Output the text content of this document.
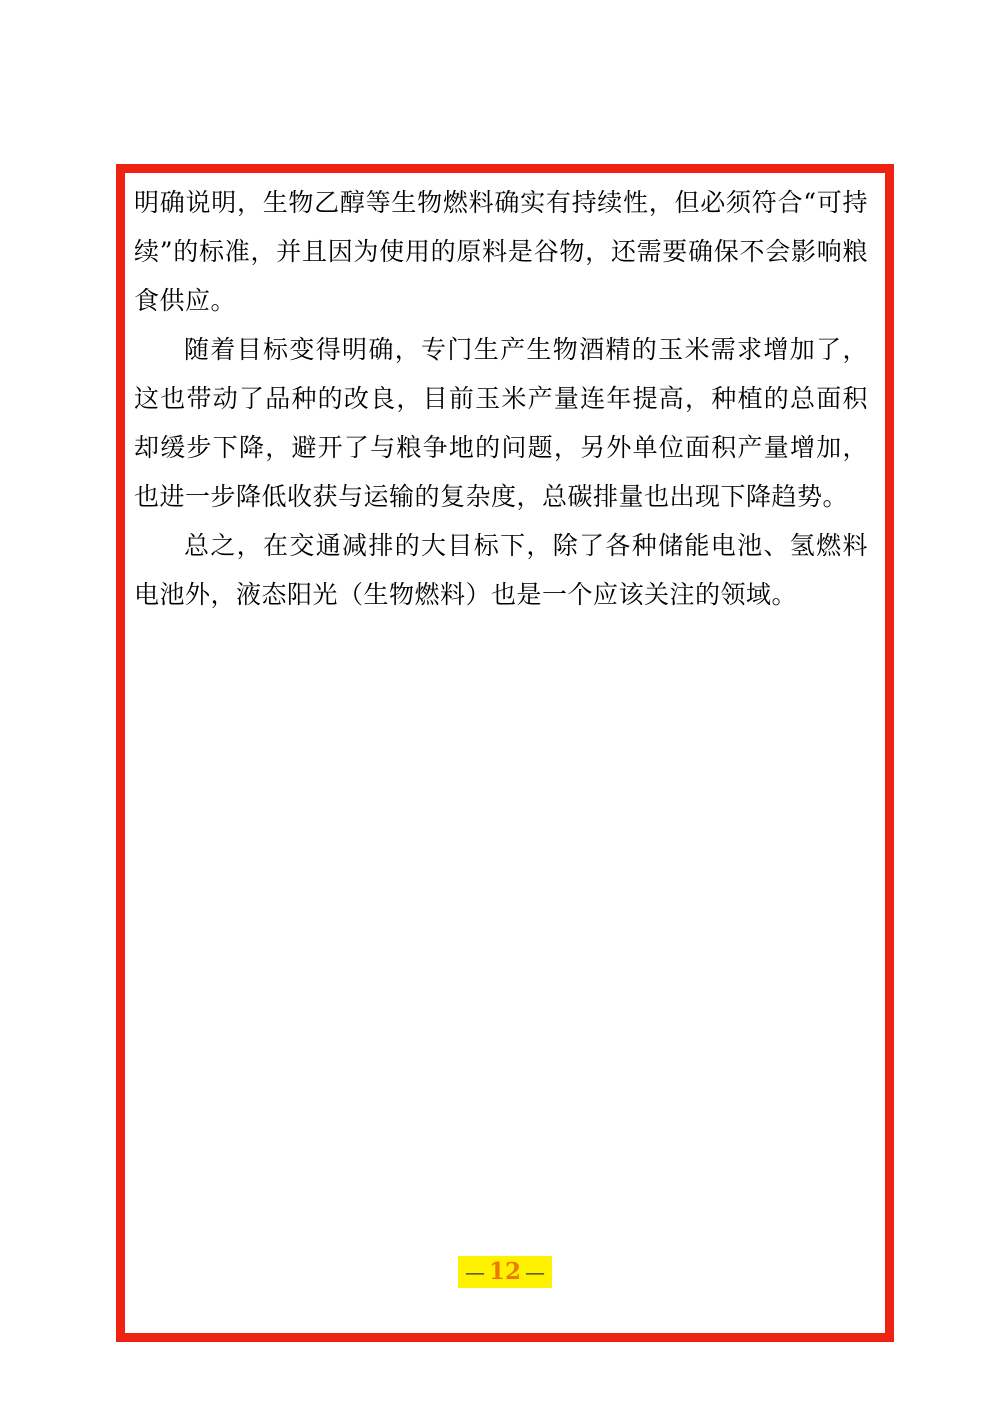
明确说明，生物乙醇等生物燃料确实有持续性，但必须符合“可持续”的标准，并且因为使用的原料是谷物，还需要确保不会影响粮食供应。

随着目标变得明确，专门生产生物酒精的玉米需求增加了，这也带动了品种的改良，目前玉米产量连年提高，种植的总面积却缓步下降，避开了与粮争地的问题，另外单位面积产量增加，也进一步降低收获与运输的复杂度，总碳排量也出现下降趋势。

总之，在交通减排的大目标下，除了各种储能电池、氢燃料电池外，液态阳光（生物燃料）也是一个应该关注的领域。

— 12 —
